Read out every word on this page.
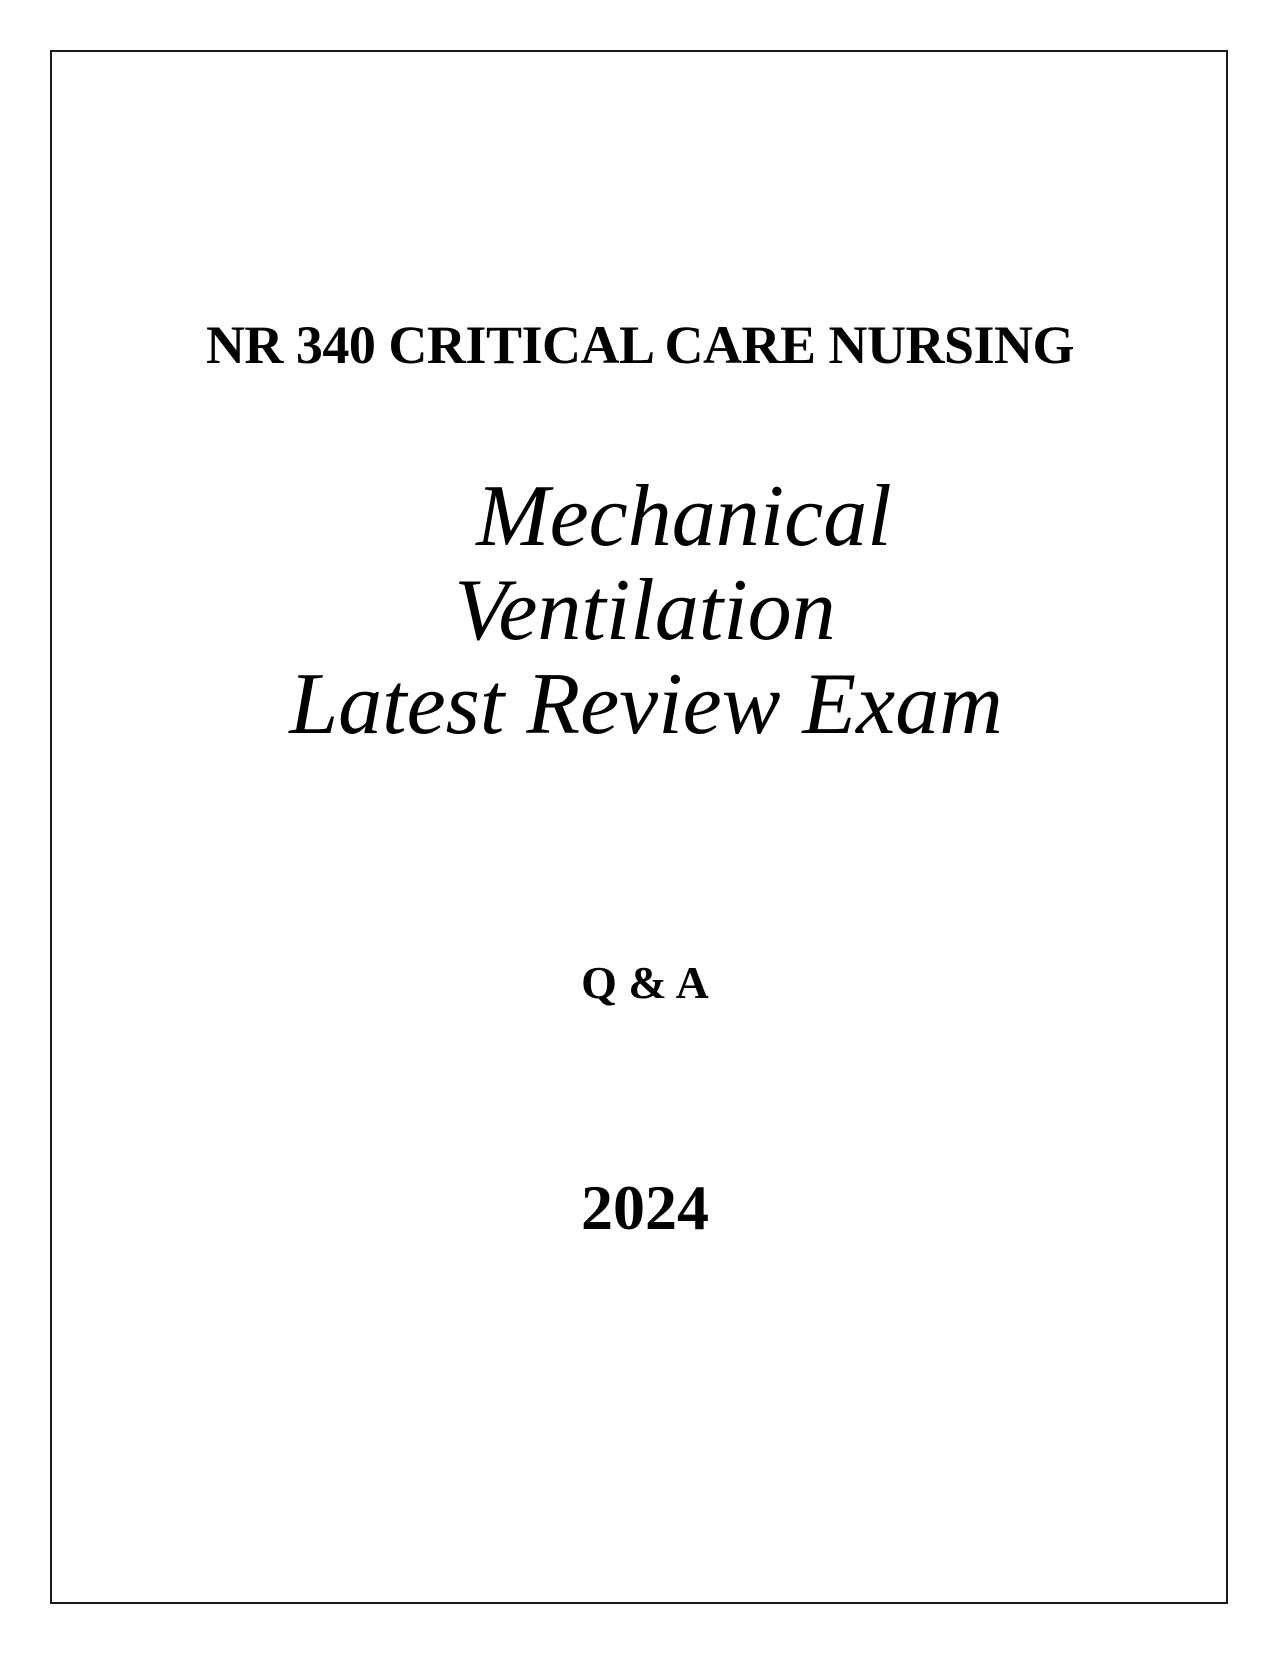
NR 340 CRITICAL CARE NURSING
Mechanical
Ventilation
Latest Review Exam
Q & A
2024
